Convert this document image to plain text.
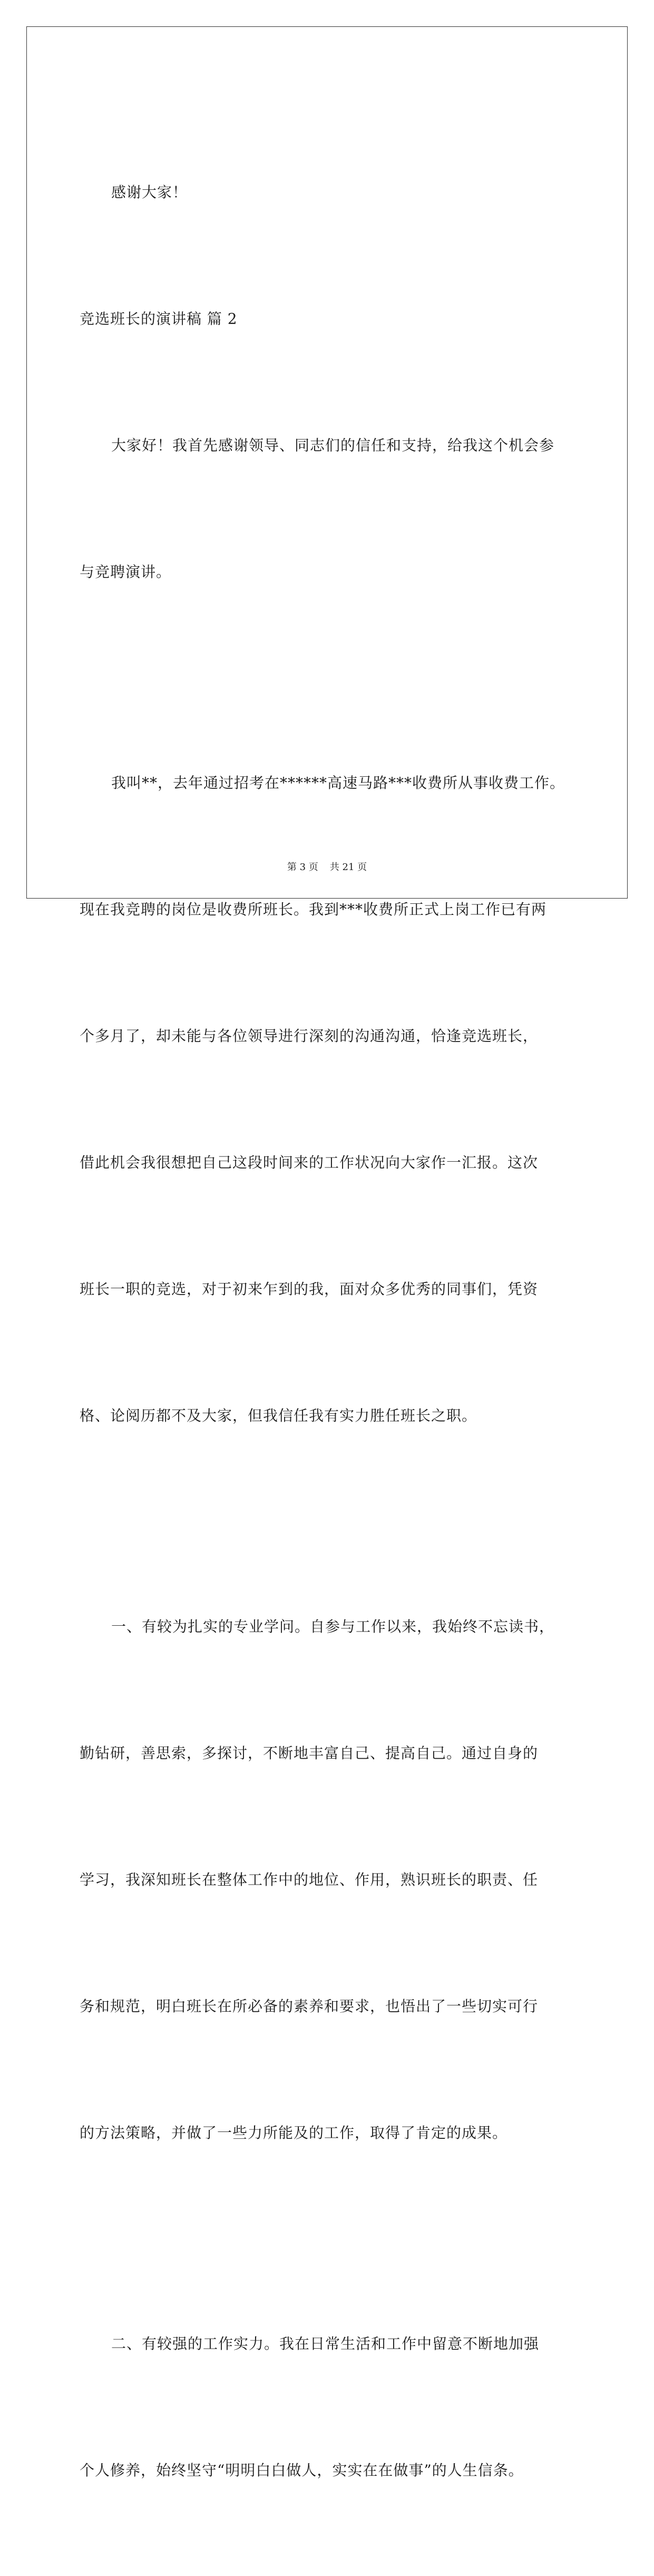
感谢大家！

竞选班长的演讲稿 篇 2

大家好！我首先感谢领导、同志们的信任和支持，给我这个机会参

与竞聘演讲。

我叫**，去年通过招考在******高速马路***收费所从事收费工作。

现在我竞聘的岗位是收费所班长。我到***收费所正式上岗工作已有两

个多月了，却未能与各位领导进行深刻的沟通沟通，恰逢竞选班长，

借此机会我很想把自己这段时间来的工作状况向大家作一汇报。这次

班长一职的竞选，对于初来乍到的我，面对众多优秀的同事们，凭资

格、论阅历都不及大家，但我信任我有实力胜任班长之职。

一、有较为扎实的专业学问。自参与工作以来，我始终不忘读书，

勤钻研，善思索，多探讨，不断地丰富自己、提高自己。通过自身的

学习，我深知班长在整体工作中的地位、作用，熟识班长的职责、任

务和规范，明白班长在所必备的素养和要求，也悟出了一些切实可行

的方法策略，并做了一些力所能及的工作，取得了肯定的成果。

二、有较强的工作实力。我在日常生活和工作中留意不断地加强

个人修养，始终坚守“明明白白做人，实实在在做事”的人生信条。

第 3 页 共 21 页
